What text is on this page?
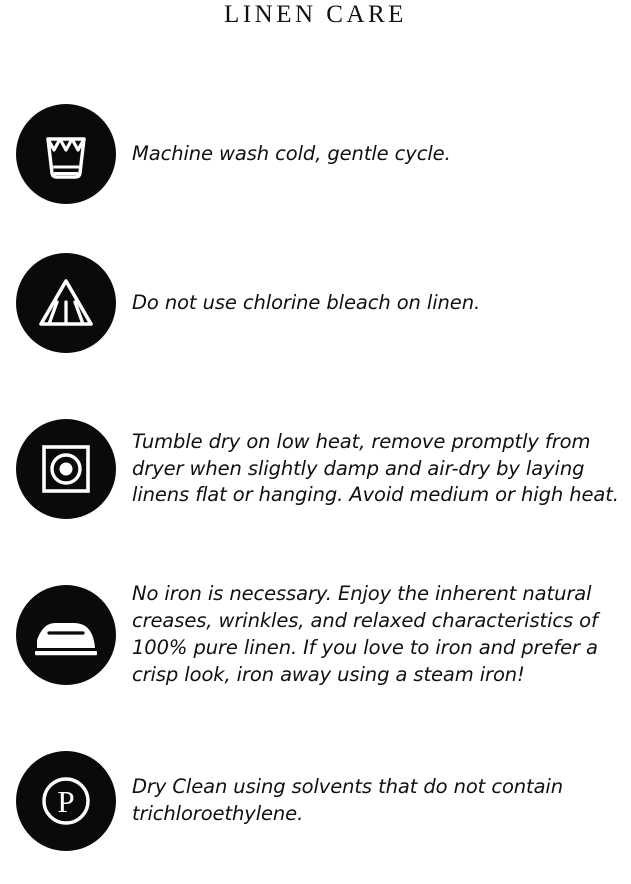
LINEN CARE

Machine wash cold, gentle cycle.

Do not use chlorine bleach on linen.

Tumble dry on low heat, remove promptly from dryer when slightly damp and air-dry by laying linens flat or hanging. Avoid medium or high heat.

No iron is necessary. Enjoy the inherent natural creases, wrinkles, and relaxed characteristics of 100% pure linen. If you love to iron and prefer a crisp look, iron away using a steam iron!

P	Dry Clean using solvents that do not contain trichloroethylene.
